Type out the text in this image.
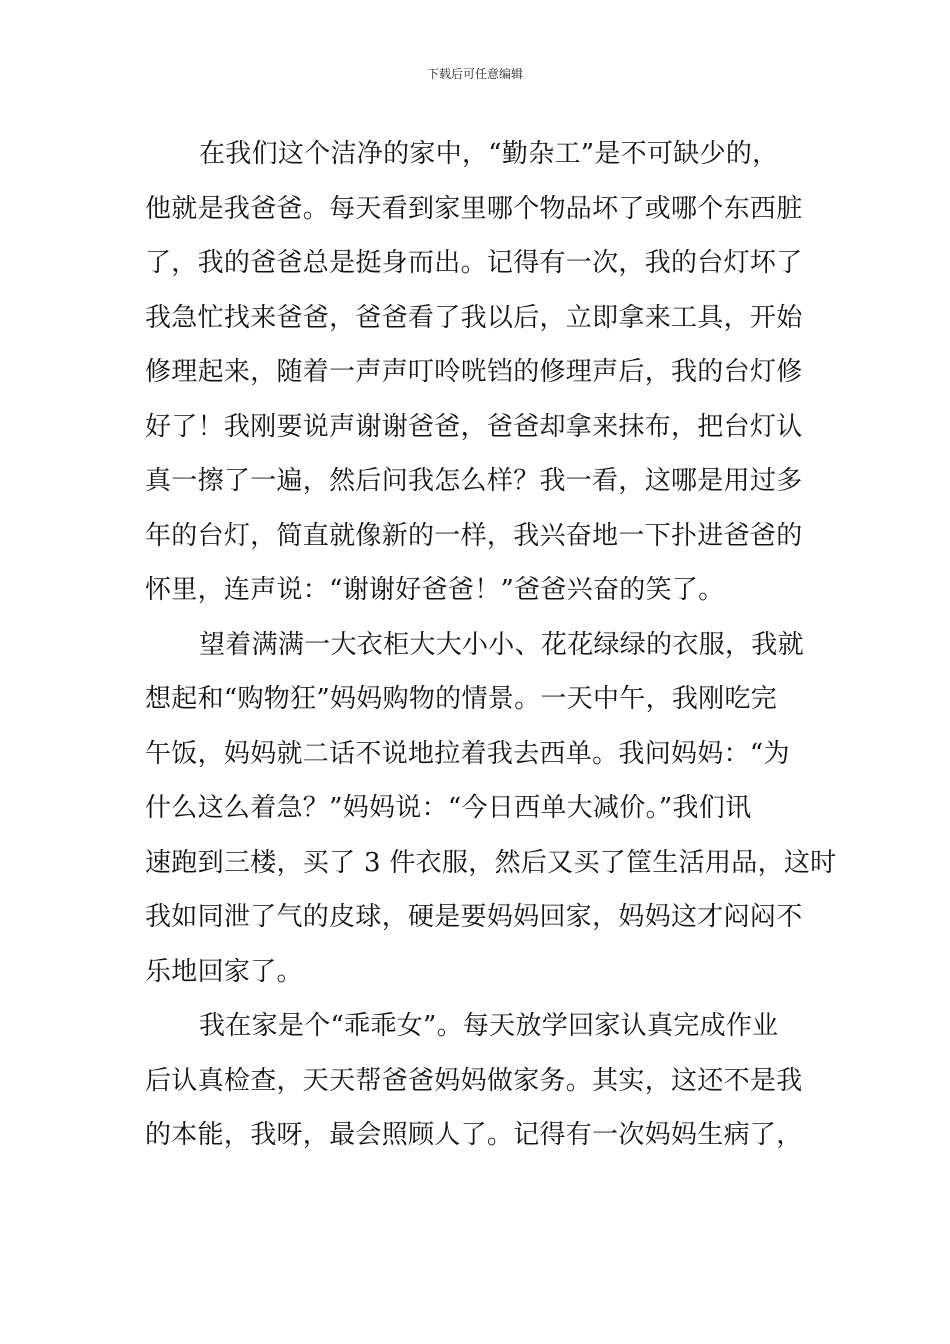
下载后可任意编辑
在我们这个洁净的家中，“勤杂工”是不可缺少的，
他就是我爸爸。每天看到家里哪个物品坏了或哪个东西脏
了，我的爸爸总是挺身而出。记得有一次，我的台灯坏了
我急忙找来爸爸，爸爸看了我以后，立即拿来工具，开始
修理起来，随着一声声叮呤咣铛的修理声后，我的台灯修
好了！我刚要说声谢谢爸爸，爸爸却拿来抹布，把台灯认
真一擦了一遍，然后问我怎么样？我一看，这哪是用过多
年的台灯，简直就像新的一样，我兴奋地一下扑进爸爸的
怀里，连声说：“谢谢好爸爸！”爸爸兴奋的笑了。
望着满满一大衣柜大大小小、花花绿绿的衣服，我就
想起和“购物狂”妈妈购物的情景。一天中午，我刚吃完
午饭，妈妈就二话不说地拉着我去西单。我问妈妈：“为
什么这么着急？”妈妈说：“今日西单大减价。”我们讯
速跑到三楼，买了 3 件衣服，然后又买了筐生活用品，这时
我如同泄了气的皮球，硬是要妈妈回家，妈妈这才闷闷不
乐地回家了。
我在家是个“乖乖女”。每天放学回家认真完成作业
后认真检查，天天帮爸爸妈妈做家务。其实，这还不是我
的本能，我呀，最会照顾人了。记得有一次妈妈生病了，
